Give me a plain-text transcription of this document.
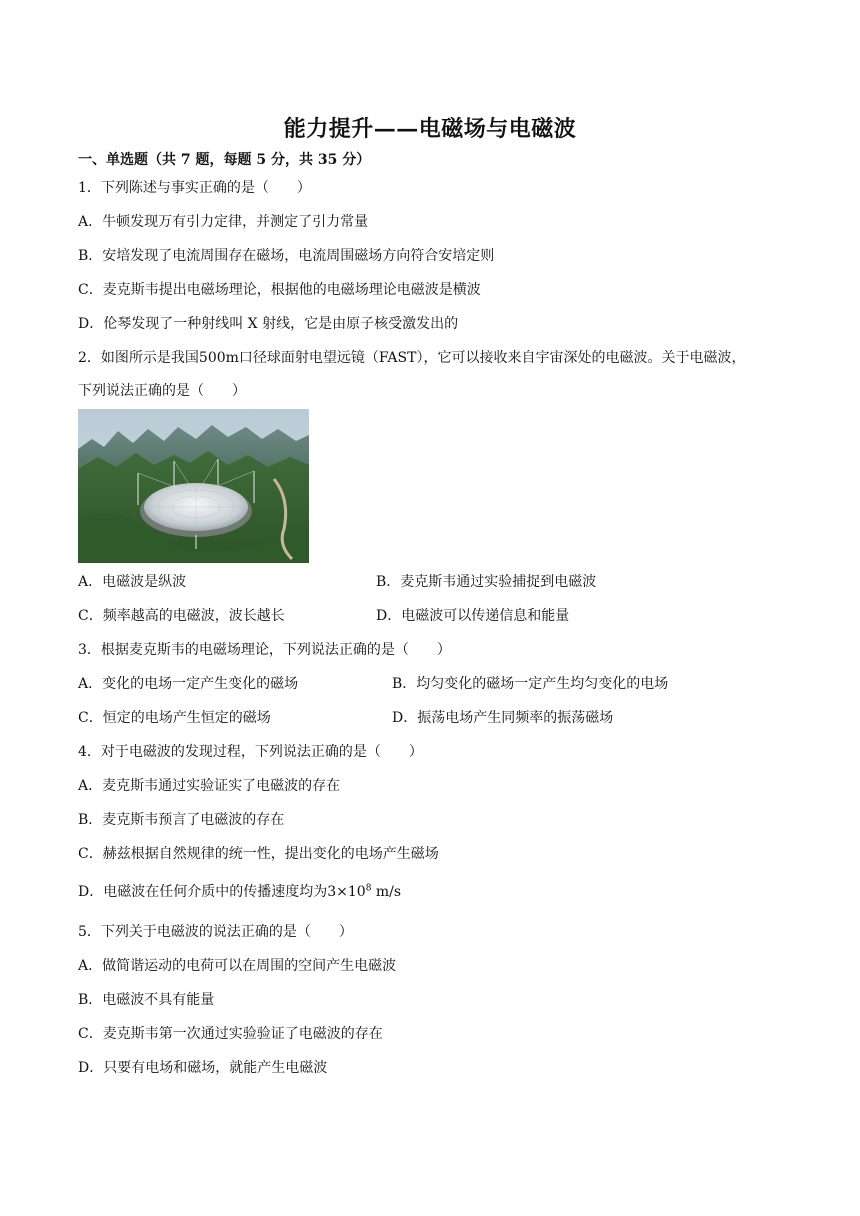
能力提升——电磁场与电磁波
一、单选题（共 7 题，每题 5 分，共 35 分）
1．下列陈述与事实正确的是（　　）
A．牛顿发现万有引力定律，并测定了引力常量
B．安培发现了电流周围存在磁场，电流周围磁场方向符合安培定则
C．麦克斯韦提出电磁场理论，根据他的电磁场理论电磁波是横波
D．伦琴发现了一种射线叫 X 射线，它是由原子核受激发出的
2．如图所示是我国500m口径球面射电望远镜（FAST），它可以接收来自宇宙深处的电磁波。关于电磁波，
下列说法正确的是（　　）
A．电磁波是纵波	B．麦克斯韦通过实验捕捉到电磁波
C．频率越高的电磁波，波长越长	D．电磁波可以传递信息和能量
3．根据麦克斯韦的电磁场理论，下列说法正确的是（　　）
A．变化的电场一定产生变化的磁场	B．均匀变化的磁场一定产生均匀变化的电场
C．恒定的电场产生恒定的磁场	D．振荡电场产生同频率的振荡磁场
4．对于电磁波的发现过程，下列说法正确的是（　　）
A．麦克斯韦通过实验证实了电磁波的存在
B．麦克斯韦预言了电磁波的存在
C．赫兹根据自然规律的统一性，提出变化的电场产生磁场
D．电磁波在任何介质中的传播速度均为$3\times 10^8$ m/s
5．下列关于电磁波的说法正确的是（　　）
A．做简谐运动的电荷可以在周围的空间产生电磁波
B．电磁波不具有能量
C．麦克斯韦第一次通过实验验证了电磁波的存在
D．只要有电场和磁场，就能产生电磁波
